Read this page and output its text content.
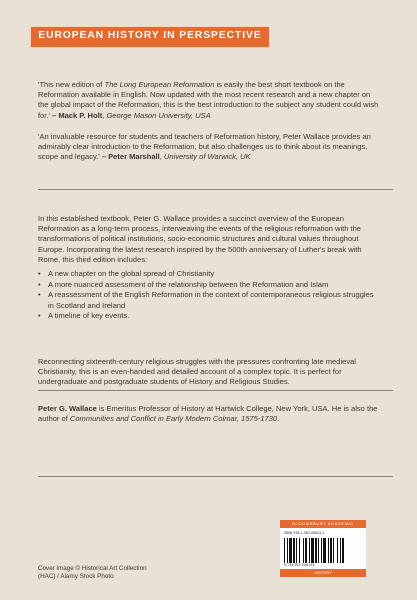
EUROPEAN HISTORY IN PERSPECTIVE

'This new edition of The Long European Reformation is easily the best short textbook on the Reformation available in English. Now updated with the most recent research and a new chapter on the global impact of the Reformation, this is the best introduction to the subject any student could wish for.' – Mack P. Holt, George Mason University, USA

'An invaluable resource for students and teachers of Reformation history, Peter Wallace provides an admirably clear introduction to the Reformation, but also challenges us to think about its meanings, scope and legacy.' – Peter Marshall, University of Warwick, UK

In this established textbook, Peter G. Wallace provides a succinct overview of the European Reformation as a long-term process, interweaving the events of the religious reformation with the transformations of political institutions, socio-economic structures and cultural values throughout Europe. Incorporating the latest research inspired by the 500th anniversary of Luther's break with Rome, this third edition includes:

• A new chapter on the global spread of Christianity
• A more nuanced assessment of the relationship between the Reformation and Islam
• A reassessment of the English Reformation in the context of contemporaneous religious struggles in Scotland and Ireland
• A timeline of key events.

Reconnecting sixteenth-century religious struggles with the pressures confronting late medieval Christianity, this is an even-handed and detailed account of a complex topic. It is perfect for undergraduate and postgraduate students of History and Religious Studies.

Peter G. Wallace is Emeritus Professor of History at Hartwick College, New York, USA. He is also the author of Communities and Conflict in Early Modern Colmar, 1575-1730.

Cover image © Historical Art Collection (HAC) / Alamy Stock Photo
BLOOMSBURY ACADEMIC
ISBN 978-1-352-00613-1
9 781352 006131
HISTORY
